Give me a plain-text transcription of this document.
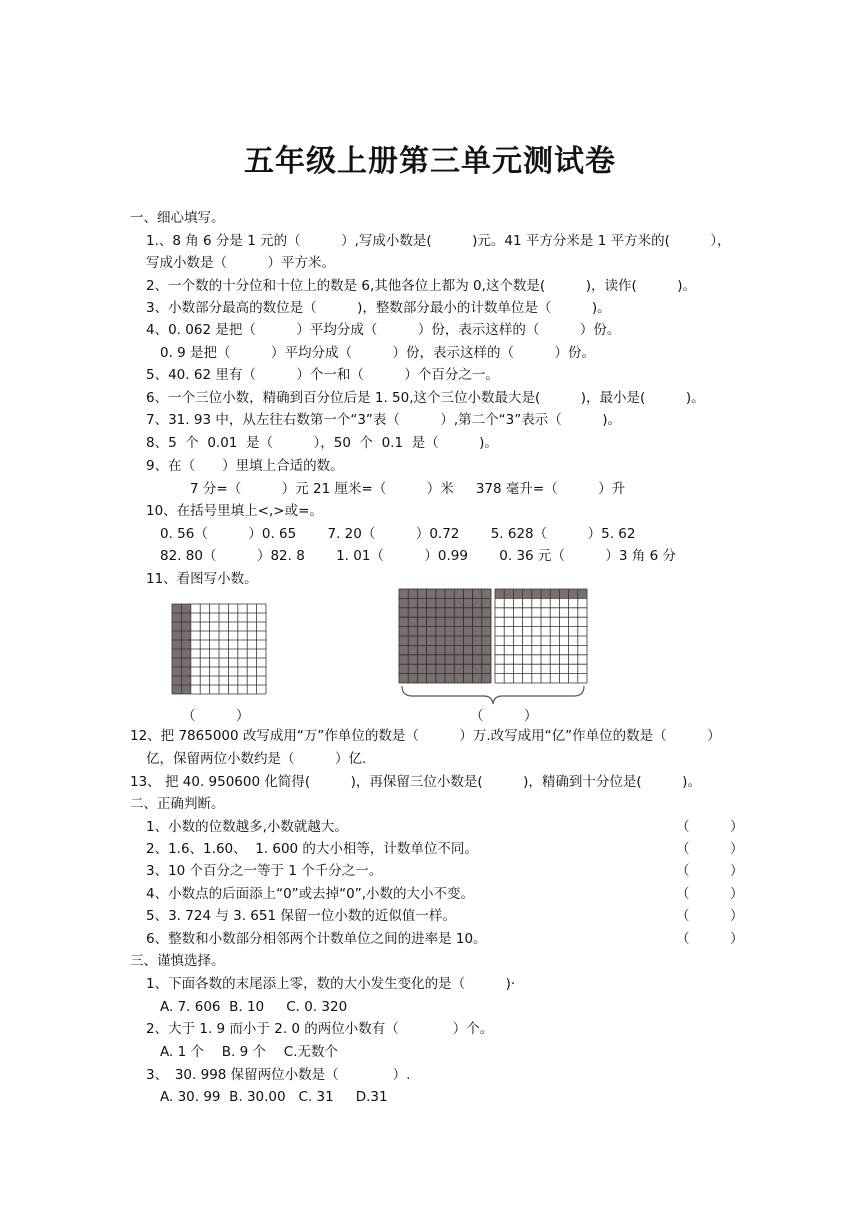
五年级上册第三单元测试卷
一、细心填写。
1.、8 角 6 分是 1 元的（　　　）,写成小数是(　　　)元。41 平方分米是 1 平方米的(　　　），
写成小数是（　　　）平方米。
2、一个数的十分位和十位上的数是 6,其他各位上都为 0,这个数是(　　　)，读作(　　　)。
3、小数部分最高的数位是（　　　)，整数部分最小的计数单位是（　　　)。
4、0. 062 是把（　　　）平均分成（　　　）份，表示这样的（　　　）份。
0. 9 是把（　　　）平均分成（　　　）份，表示这样的（　　　）份。
5、40. 62 里有（　　　）个一和（　　　）个百分之一。
6、一个三位小数，精确到百分位后是 1. 50,这个三位小数最大是(　　　)，最小是(　　　)。
7、31. 93 中，从左往右数第一个“3”表（　　　）,第二个“3”表示（　　　)。
8、5  个  0.01  是（　　　），50  个  0.1  是（　　　)。
9、在（　　）里填上合适的数。
7 分=（　　　）元 21 厘米=（　　　）米　  378 毫升=（　　　）升
10、在括号里填上<,>或=。
0. 56（　　　）0. 65　　 7. 20（　　　）0.72　　 5. 628（　　　）5. 62
82. 80（　　　）82. 8　　 1. 01（　　　）0.99　　 0. 36 元（　　　）3 角 6 分
11、看图写小数。
（　　　）	（　　　）
12、把 7865000 改写成用“万”作单位的数是（　　　）万.改写成用“亿”作单位的数是（　　　）
亿，保留两位小数约是（　　　）亿.
13、 把 40. 950600 化简得(　　　)，再保留三位小数是(　　　)，精确到十分位是(　　　)。
二、正确判断。
1、小数的位数越多,小数就越大。	（　　　）
2、1.6、1.60、  1. 600 的大小相等，计数单位不同。	（　　　）
3、10 个百分之一等于 1 个千分之一。	（　　　）
4、小数点的后面添上“0”或去掉“0”,小数的大小不变。	（　　　）
5、3. 724 与 3. 651 保留一位小数的近似值一样。	（　　　）
6、整数和小数部分相邻两个计数单位之间的进率是 10。	（　　　）
三、谨慎选择。
1、下面各数的末尾添上零，数的大小发生变化的是（　　　)·
A. 7. 606  B. 10　  C. 0. 320
2、大于 1. 9 而小于 2. 0 的两位小数有（　　　　）个。
A. 1 个　 B. 9 个　 C.无数个
3、　30. 998 保留两位小数是（　　　　）.
A. 30. 99  B. 30.00   C. 31　  D.31
